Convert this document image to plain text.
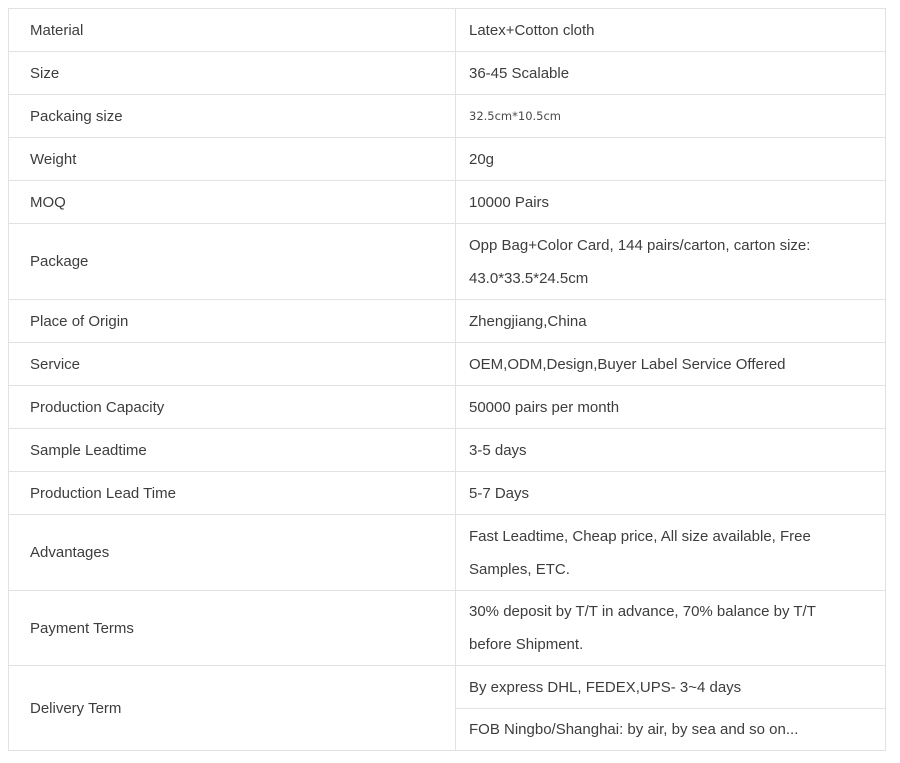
Material	Latex+Cotton cloth
Size	36-45 Scalable
Packaing size	32.5cm*10.5cm
Weight	20g
MOQ	10000 Pairs
Package	Opp Bag+Color Card, 144 pairs/carton, carton size:
43.0*33.5*24.5cm

Place of Origin	Zhengjiang,China
Service	OEM,ODM,Design,Buyer Label Service Offered
Production Capacity	50000 pairs per month
Sample Leadtime	3-5 days
Production Lead Time	5-7 Days
Advantages	Fast Leadtime, Cheap price, All size available, Free
Samples, ETC.

Payment Terms	30% deposit by T/T in advance, 70% balance by T/T
before Shipment.

Delivery Term	By express DHL, FEDEX,UPS- 3~4 days
FOB Ningbo/Shanghai: by air, by sea and so on...
